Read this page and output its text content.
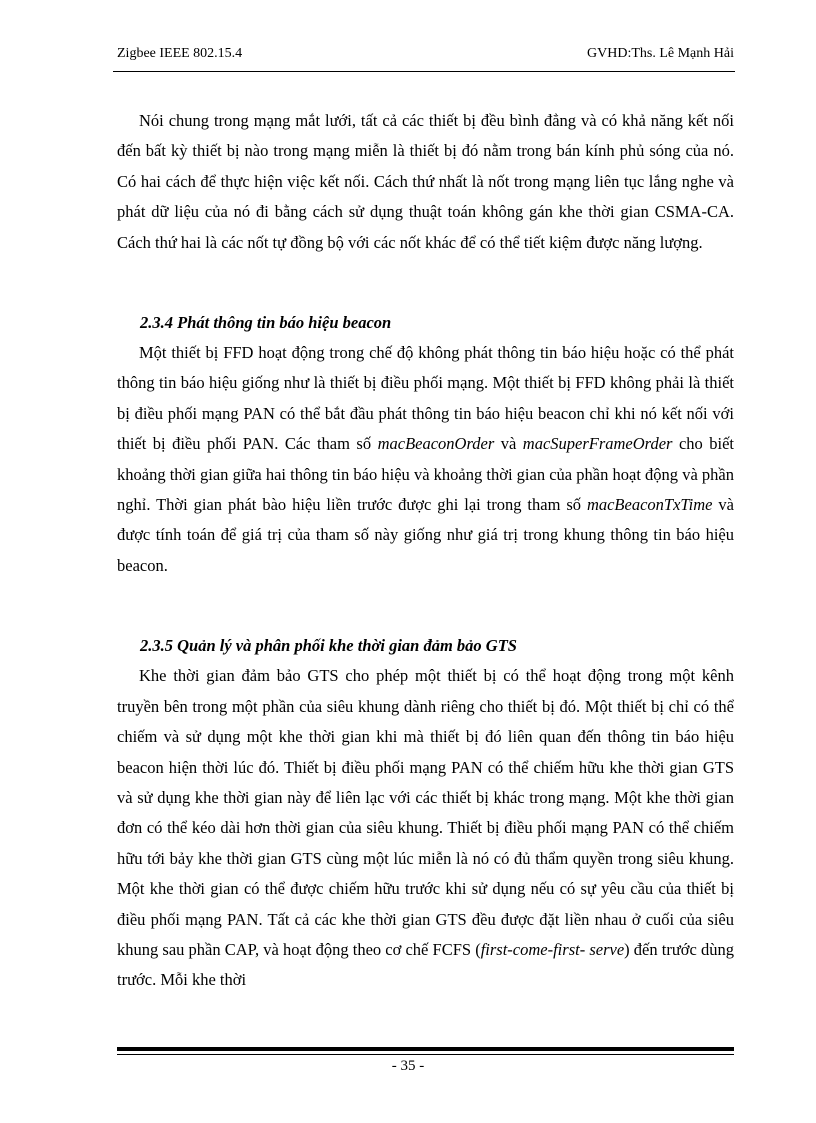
Zigbee IEEE 802.15.4	GVHD:Ths. Lê Mạnh Hải

Nói chung trong mạng mắt lưới, tất cả các thiết bị đều bình đẳng và có khả năng kết nối đến bất kỳ thiết bị nào trong mạng miễn là thiết bị đó nằm trong bán kính phủ sóng của nó. Có hai cách để thực hiện việc kết nối. Cách thứ nhất là nốt trong mạng liên tục lắng nghe và phát dữ liệu của nó đi bằng cách sử dụng thuật toán không gán khe thời gian CSMA-CA. Cách thứ hai là các nốt tự đồng bộ với các nốt khác để có thể tiết kiệm được năng lượng.

2.3.4 Phát thông tin báo hiệu beacon

Một thiết bị FFD hoạt động trong chế độ không phát thông tin báo hiệu hoặc có thể phát thông tin báo hiệu giống như là thiết bị điều phối mạng. Một thiết bị FFD không phải là thiết bị điều phối mạng PAN có thể bắt đầu phát thông tin báo hiệu beacon chỉ khi nó kết nối với thiết bị điều phối PAN. Các tham số macBeaconOrder và macSuperFrameOrder cho biết khoảng thời gian giữa hai thông tin báo hiệu và khoảng thời gian của phần hoạt động và phần nghỉ. Thời gian phát bào hiệu liền trước được ghi lại trong tham số macBeaconTxTime và được tính toán để giá trị của tham số này giống như giá trị trong khung thông tin báo hiệu beacon.

2.3.5 Quản lý và phân phối khe thời gian đảm bảo GTS

Khe thời gian đảm bảo GTS cho phép một thiết bị có thể hoạt động trong một kênh truyền bên trong một phần của siêu khung dành riêng cho thiết bị đó. Một thiết bị chỉ có thể chiếm và sử dụng một khe thời gian khi mà thiết bị đó liên quan đến thông tin báo hiệu beacon hiện thời lúc đó. Thiết bị điều phối mạng PAN có thể chiếm hữu khe thời gian GTS và sử dụng khe thời gian này để liên lạc với các thiết bị khác trong mạng. Một khe thời gian đơn có thể kéo dài hơn thời gian của siêu khung. Thiết bị điều phối mạng PAN có thể chiếm hữu tới bảy khe thời gian GTS cùng một lúc miễn là nó có đủ thẩm quyền trong siêu khung. Một khe thời gian có thể được chiếm hữu trước khi sử dụng nếu có sự yêu cầu của thiết bị điều phối mạng PAN. Tất cả các khe thời gian GTS đều được đặt liền nhau ở cuối của siêu khung sau phần CAP, và hoạt động theo cơ chế FCFS (first-come-first- serve) đến trước dùng trước. Mỗi khe thời

- 35 -
